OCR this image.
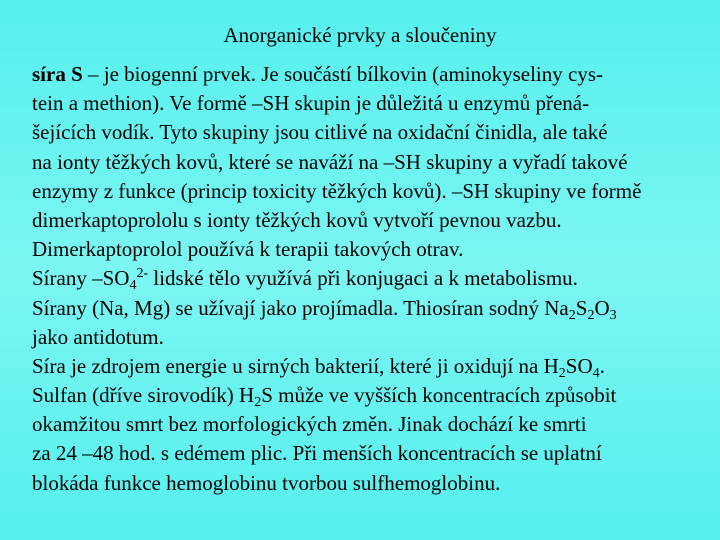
Anorganické prvky a sloučeniny
síra S – je biogenní prvek. Je součástí bílkovin (aminokyseliny cys-
tein a methion). Ve formě –SH skupin je důležitá u enzymů přená-
šejících vodík. Tyto skupiny jsou citlivé na oxidační činidla, ale také
na ionty těžkých kovů, které se naváží na –SH skupiny a vyřadí takové
enzymy z funkce (princip toxicity těžkých kovů). –SH skupiny ve formě
dimerkaptoprololu s ionty těžkých kovů vytvoří pevnou vazbu.
Dimerkaptoprolol používá k terapii takových otrav.
Sírany $-SO_4^{2-}$ lidské tělo využívá při konjugaci a k metabolismu.
Sírany (Na, Mg) se užívají jako projímadla. Thiosíran sodný $Na_2S_2O_3$
jako antidotum.
Síra je zdrojem energie u sirných bakterií, které ji oxidují na $H_2SO_4$.
Sulfan (dříve sirovodík) $H_2S$ může ve vyšších koncentracích způsobit
okamžitou smrt bez morfologických změn. Jinak dochází ke smrti
za 24 –48 hod. s edémem plic. Při menších koncentracích se uplatní
blokáda funkce hemoglobinu tvorbou sulfhemoglobinu.
